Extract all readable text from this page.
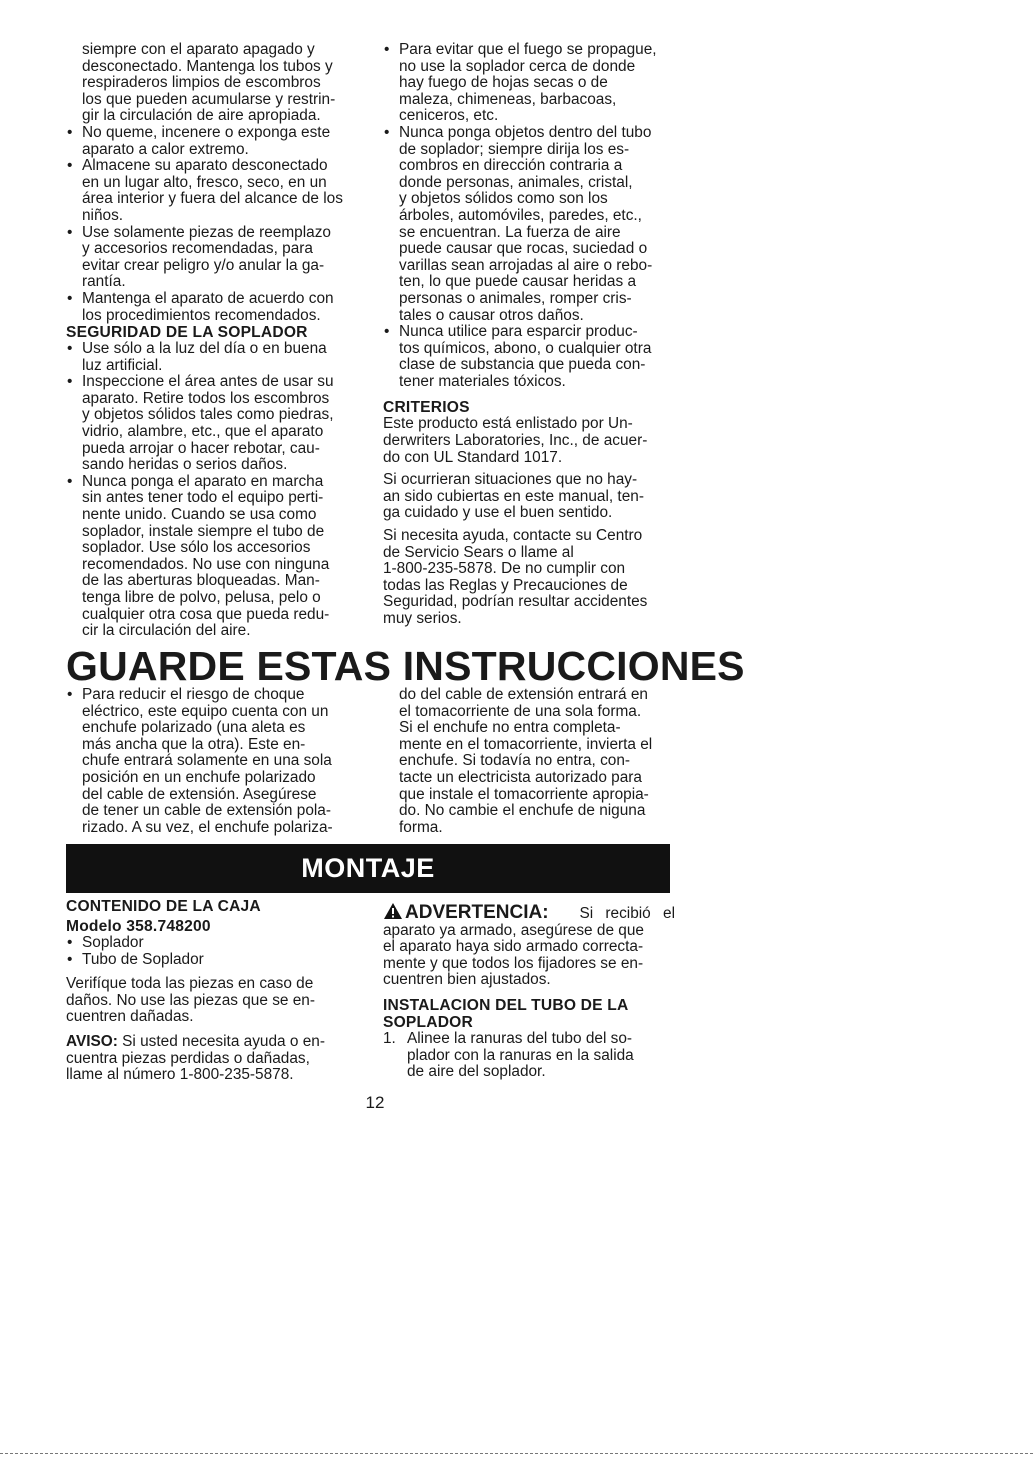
siempre con el aparato apagado y
desconectado. Mantenga los tubos y
respiraderos limpios de escombros
los que pueden acumularse y restrin-
gir la circulación de aire apropiada.
• No queme, incenere o exponga este
aparato a calor extremo.
• Almacene su aparato desconectado
en un lugar alto, fresco, seco, en un
área interior y fuera del alcance de los
niños.
• Use solamente piezas de reemplazo
y accesorios recomendadas, para
evitar crear peligro y/o anular la ga-
rantía.
• Mantenga el aparato de acuerdo con
los procedimientos recomendados.
SEGURIDAD DE LA SOPLADOR
• Use sólo a la luz del día o en buena
luz artificial.
• Inspeccione el área antes de usar su
aparato. Retire todos los escombros
y objetos sólidos tales como piedras,
vidrio, alambre, etc., que el aparato
pueda arrojar o hacer rebotar, cau-
sando heridas o serios daños.
• Nunca ponga el aparato en marcha
sin antes tener todo el equipo perti-
nente unido. Cuando se usa como
soplador, instale siempre el tubo de
soplador. Use sólo los accesorios
recomendados. No use con ninguna
de las aberturas bloqueadas. Man-
tenga libre de polvo, pelusa, pelo o
cualquier otra cosa que pueda redu-
cir la circulación del aire.
• Para evitar que el fuego se propague,
no use la soplador cerca de donde
hay fuego de hojas secas o de
maleza, chimeneas, barbacoas,
ceniceros, etc.
• Nunca ponga objetos dentro del tubo
de soplador; siempre dirija los es-
combros en dirección contraria a
donde personas, animales, cristal,
y objetos sólidos como son los
árboles, automóviles, paredes, etc.,
se encuentran. La fuerza de aire
puede causar que rocas, suciedad o
varillas sean arrojadas al aire o rebo-
ten, lo que puede causar heridas a
personas o animales, romper cris-
tales o causar otros daños.
• Nunca utilice para esparcir produc-
tos químicos, abono, o cualquier otra
clase de substancia que pueda con-
tener materiales tóxicos.
CRITERIOS
Este producto está enlistado por Un-
derwriters Laboratories, Inc., de acuer-
do con UL Standard 1017.
Si ocurrieran situaciones que no hay-
an sido cubiertas en este manual, ten-
ga cuidado y use el buen sentido.
Si necesita ayuda, contacte su Centro
de Servicio Sears o llame al
1-800-235-5878. De no cumplir con
todas las Reglas y Precauciones de
Seguridad, podrían resultar accidentes
muy serios.
GUARDE ESTAS INSTRUCCIONES
• Para reducir el riesgo de choque
eléctrico, este equipo cuenta con un
enchufe polarizado (una aleta es
más ancha que la otra). Este en-
chufe entrará solamente en una sola
posición en un enchufe polarizado
del cable de extensión. Asegúrese
de tener un cable de extensión pola-
rizado. A su vez, el enchufe polariza-
do del cable de extensión entrará en
el tomacorriente de una sola forma.
Si el enchufe no entra completa-
mente en el tomacorriente, invierta el
enchufe. Si todavía no entra, con-
tacte un electricista autorizado para
que instale el tomacorriente apropia-
do. No cambie el enchufe de niguna
forma.
MONTAJE
CONTENIDO DE LA CAJA
Modelo 358.748200
• Soplador
• Tubo de Soplador
Verifíque toda las piezas en caso de
daños. No use las piezas que se en-
cuentren dañadas.
AVISO: Si usted necesita ayuda o en-
cuentra piezas perdidas o dañadas,
llame al número 1-800-235-5878.
ADVERTENCIA: Si recibió el
aparato ya armado, asegúrese de que
el aparato haya sido armado correcta-
mente y que todos los fijadores se en-
cuentren bien ajustados.
INSTALACION DEL TUBO DE LA
SOPLADOR
1. Alinee la ranuras del tubo del so-
plador con la ranuras en la salida
de aire del soplador.
12
